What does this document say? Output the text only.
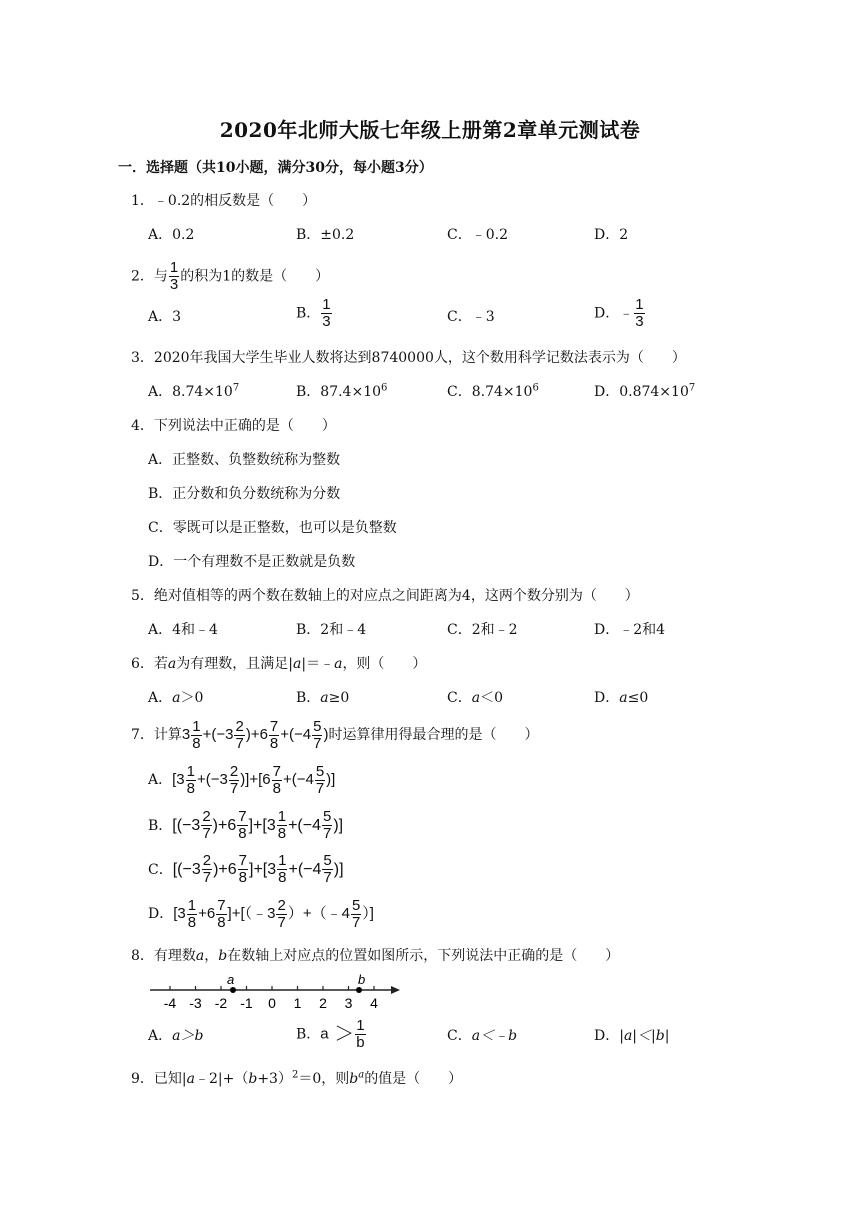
2020年北师大版七年级上册第2章单元测试卷
一．选择题（共10小题，满分30分，每小题3分）
1．﹣0.2的相反数是（　　）
A．0.2	B．±0.2	C．﹣0.2	D．2
2．与 $\frac{1}{3}$ 的积为1的数是（　　）
A．3	B． $\frac{1}{3}$	C．﹣3	D．﹣ $\frac{1}{3}$
3．2020年我国大学生毕业人数将达到8740000人，这个数用科学记数法表示为（　　）
A．$8.74\times 10^7$	B．$87.4\times 10^6$	C．$8.74\times 10^6$	D．$0.874\times 10^7$
4．下列说法中正确的是（　　）
A．正整数、负整数统称为整数
B．正分数和负分数统称为分数
C．零既可以是正整数，也可以是负整数
D．一个有理数不是正数就是负数
5．绝对值相等的两个数在数轴上的对应点之间距离为4，这两个数分别为（　　）
A．4和﹣4	B．2和﹣4	C．2和﹣2	D．﹣2和4
6．若a为有理数，且满足|a|＝﹣a，则（　　）
A．a＞0	B．a≥0	C．a＜0	D．a≤0
7．计算$3 \frac{1}{8} +(-3 \frac{2}{7} )+6 \frac{7}{8} +(-4 \frac{5}{7}$ )时运算律用得最合理的是（　　）
A．$[3 \frac{1}{8} +(-3 \frac{2}{7} )]+[6 \frac{7}{8} +(-4 \frac{5}{7}$ )]
B．$[(-3 \frac{2}{7} )+6 \frac{7}{8} ]+[3 \frac{1}{8} +(-4 \frac{5}{7}$ )]
C．$[(-3 \frac{2}{7} )+6 \frac{7}{8} ]+[3 \frac{1}{8} +(-4 \frac{5}{7}$ )]
D．[$3 \frac{1}{8} +6 \frac{7}{8}$ ]+[（﹣3 $\frac{2}{7}$ ）+（﹣4 $\frac{5}{7}$ ）]
8．有理数a，b在数轴上对应点的位置如图所示，下列说法中正确的是（　　）
-4 -3 -2 -1 0 1 2 3 4
a	b
A．a＞b	B．$a > \frac{1}{b}$	C．a＜﹣b	D．|a|＜|b|
9．已知$|a﹣2|+(b+3)^2=0$，则$b^a$的值是（　　）
